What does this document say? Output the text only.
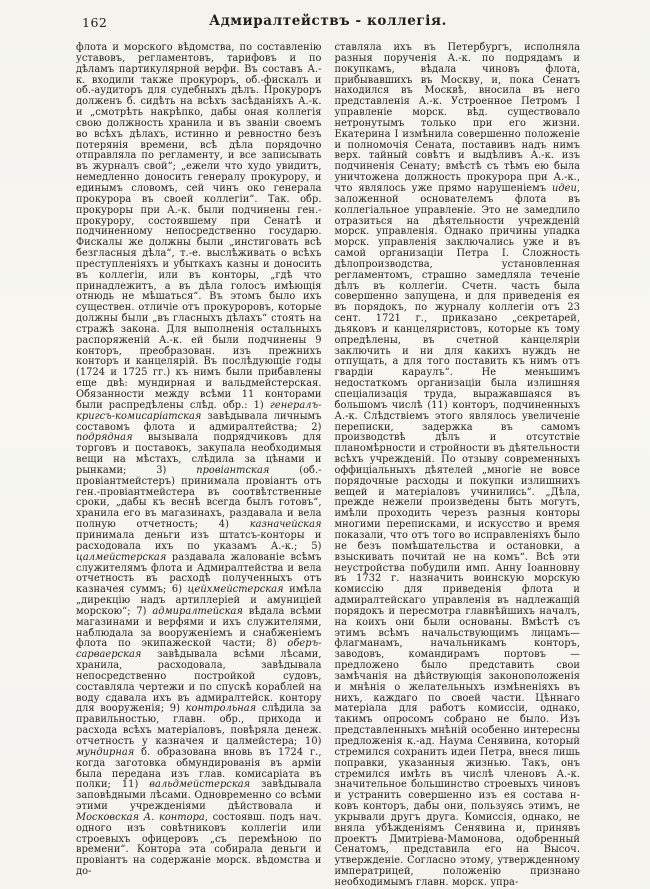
162	Адмиралтействъ - коллегія.
флота и морского вѣдомства, по составленію уставовъ, регламентовъ, тарифовъ и по дѣламъ партикулярной верфи. Въ составъ А.-к. входили также прокуроръ, об.-фискалъ и об.-аудиторъ для судебныхъ дѣлъ. Прокуроръ долженъ б. сидѣть на всѣхъ засѣданіяхъ А.-к. и „смотрѣть накрѣпко, дабы оная коллегія свою должность хранила и въ званіи своемъ во всѣхъ дѣлахъ, истинно и ревностно безъ потерянія времени, всѣ дѣла порядочно отправляла по регламенту, и все записывать въ журналъ свой“; „ежели что худо увидитъ, немедленно доносить генералу прокурору, и единымъ словомъ, сей чинъ око генерала прокурора въ своей коллегіи“. Так. обр. прокуроры при А.-к. были подчинены ген.-прокурору, состоявшему при Сенатѣ и подчиненному непосредственно государю. Фискалы же должны были „инстиговать всѣ безгласныя дѣла“, т.-е. выслѣживать о всѣхъ преступленіяхъ и убыткахъ казны и доносить въ коллегіи, или въ конторы, „гдѣ что принадлежитъ, а въ дѣла голосъ имѣющія отнюдь не мѣшаться“. Въ этомъ было ихъ существен. отличіе отъ прокуроровъ, которые должны были „въ гласныхъ дѣлахъ“ стоять на стражѣ закона. Для выполненія остальныхъ распоряженій А.-к. ей были подчинены 9 конторъ, преобразован. изъ прежнихъ конторъ и канцелярій. Въ послѣдующіе годы (1724 и 1725 гг.) къ нимъ были прибавлены еще двѣ: мундирная и вальдмейстерская. Обязанности между всѣми 11 конторами были распредѣлены слѣд. обр.: 1) генералъ-кригсъ-комисаріатская завѣдывала личнымъ составомъ флота и адмиралтейства; 2) подрядная вызывала подрядчиковъ для торговъ и поставокъ, закупала необходимыя вещи на мѣстахъ, слѣдила за цѣнами и рынками; 3) провіантская (об.-провіантмейстеръ) принимала провіантъ отъ ген.-провіантмейстера въ соотвѣтственные сроки, „дабы къ веснѣ всегда былъ готовъ“, хранила его въ магазинахъ, раздавала и вела полную отчетность; 4) казначейская принимала деньги изъ штатсъ-конторы и расходовала ихъ по указамъ А.-к.; 5) цалмейстерская раздавала жалованіе всѣмъ служителямъ флота и Адмиралтейства и вела отчетность въ расходѣ полученныхъ отъ казначея суммъ; 6) цейхмейстерская имѣла „дирекцію надъ артиллеріей и амуниціей морскою“; 7) адмиралтейская вѣдала всѣми магазинами и верфями и ихъ служителями, наблюдала за вооруженіемъ и снабженіемъ флота по экипажеской части; 8) оберъ-сарваерская завѣдывала всѣми лѣсами, хранила, расходовала, завѣдывала непосредственно постройкой судовъ, составляла чертежи и по спускѣ кораблей на воду сдавала ихъ въ адмиралтейск. контору для вооруженія; 9) контрольная слѣдила за правильностью, главн. обр., прихода и расхода всѣхъ матеріаловъ, повѣряла денеж. отчетность у казначея и цалмейстера; 10) мундирная б. образована вновь въ 1724 г., когда заготовка обмундированія въ арміи была передана изъ глав. комисаріата въ полки; 11) вальдмейстерская завѣдывала заповѣдными лѣсами. Одновременно со всѣми этими учрежденіями дѣйствовала и Московская А. контора, состоявш. подъ нач. одного изъ совѣтниковъ коллегіи или строевыхъ офицеровъ „съ перемѣною по времени“. Контора эта собирала деньги и провіантъ на содержаніе морск. вѣдомства и до-
ставляла ихъ въ Петербургъ, исполняла разныя порученія А.-к. по подрядамъ и покупкамъ, вѣдала чиновъ флота, прибывавшихъ въ Москву, и, пока Сенатъ находился въ Москвѣ, вносила въ него представленія А.-к. Устроенное Петромъ I управленіе морск. вѣд. существовало нетронутымъ только при его жизни. Екатерина I измѣнила совершенно положеніе и полномочія Сената, поставивъ надъ нимъ верх. тайный совѣтъ и выдѣливъ А.-к. изъ подчиненія Сенату; вмѣстѣ съ тѣмъ ею была уничтожена должность прокурора при А.-к., что являлось уже прямо нарушеніемъ идеи, заложенной основателемъ флота въ коллегіальное управленіе. Это не замедлило отразиться на дѣятельности учрежденій морск. управленія. Однако причины упадка морск. управленія заключались уже и въ самой организаціи Петра I. Сложность дѣлопроизводства, установленная регламентомъ, страшно замедляла теченіе дѣлъ въ коллегіи. Счетн. часть была совершенно запущена, и для приведенія ея въ порядокъ, по журналу коллегіи отъ 23 сент. 1721 г., приказано „секретарей, дьяковъ и канцеляристовъ, которые къ тому опредѣлены, въ счетной канцеляріи заключить и ни для какихъ нуждъ не отпущать, а для того поставить къ нимъ отъ гвардіи караулъ“. Не меньшимъ недостаткомъ организаціи была излишняя спеціализація труда, выражавшаяся въ большомъ числѣ (11) конторъ, подчиненныхъ А.-к. Слѣдствіемъ этого являлось увеличеніе переписки, задержка въ самомъ производствѣ дѣлъ и отсутствіе планомѣрности и стройности въ дѣятельности всѣхъ учрежденій. По отзыву современныхъ оффиціальныхъ дѣятелей „многіе не вовсе порядочные расходы и покупки излишнихъ вещей и матеріаловъ учинились“. „Дѣла, прежде нежели произведены быть могутъ, имѣли проходить черезъ разныя конторы многими переписками, и искусство и время показали, что отъ того во исправленіяхъ было не безъ помѣшательства и остановки, а взыскивать почитай не на комъ“. Всѣ эти неустройства побудили имп. Анну Іоанновну въ 1732 г. назначить воинскую морскую комиссію для приведенія флота и адмиралтейскаго управленія въ надлежащій порядокъ и пересмотра главнѣйшихъ началъ, на коихъ они были основаны. Вмѣстѣ съ этимъ всѣмъ начальствующимъ лицамъ—флагманамъ, начальникамъ конторъ, заводовъ, командирамъ портовъ — предложено было представить свои замѣчанія на дѣйствующія законоположенія и мнѣнія о желательныхъ измѣненіяхъ въ нихъ, каждаго по своей части. Цѣннаго матеріала для работъ комиссіи, однако, такимъ опросомъ собрано не было. Изъ представленныхъ мнѣній особенно интересны предложенія к.-ад. Наума Сенявина, который стремился сохранить идеи Петра, внеся лишь поправки, указанныя жизнью. Такъ, онъ стремился имѣть въ числѣ членовъ А.-к. значительное большинство строевыхъ чиновъ и устранить совершенно изъ ея состава н-ковъ конторъ, дабы они, пользуясь этимъ, не укрывали другъ друга. Комиссія, однако, не вняла убѣжденіямъ Сенявина и, принявъ проектъ Дмитріева-Мамонова, одобренный Сенатомъ, представила его на Высоч. утвержденіе. Согласно этому, утвержденному императрицей, положенію признано необходимымъ главн. морск. упра-
